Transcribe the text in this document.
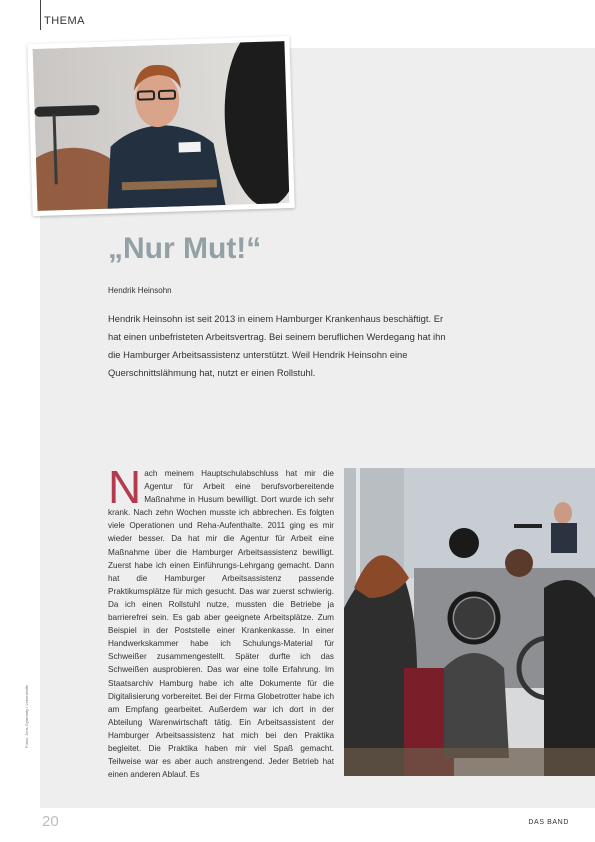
THEMA
„Nur Mut!“
Hendrik Heinsohn
Hendrik Heinsohn ist seit 2013 in einem Hamburger Krankenhaus beschäftigt. Er hat einen unbefristeten Arbeitsvertrag. Bei seinem beruflichen Werdegang hat ihn die Hamburger Arbeitsassistenz unterstützt. Weil Hendrik Heinsohn eine Querschnittslähmung hat, nutzt er einen Rollstuhl.
Nach meinem Hauptschulabschluss hat mir die Agentur für Arbeit eine berufsvorbereitende Maßnahme in Husum bewilligt. Dort wurde ich sehr krank. Nach zehn Wochen musste ich abbrechen. Es folgten viele Operationen und Reha-Aufenthalte. 2011 ging es mir wieder besser. Da hat mir die Agentur für Arbeit eine Maßnahme über die Hamburger Arbeitsassistenz bewilligt. Zuerst habe ich einen Einführungs-Lehrgang gemacht. Dann hat die Hamburger Arbeitsassistenz passende Praktikumsplätze für mich gesucht. Das war zuerst schwierig. Da ich einen Rollstuhl nutze, mussten die Betriebe ja barrierefrei sein. Es gab aber geeignete Arbeitsplätze. Zum Beispiel in der Poststelle einer Krankenkasse. In einer Handwerkskammer habe ich Schulungs-Material für Schweißer zusammengestellt. Später durfte ich das Schweißen ausprobieren. Das war eine tolle Erfahrung. Im Staatsarchiv Hamburg habe ich alte Dokumente für die Digitalisierung vorbereitet. Bei der Firma Globetrotter habe ich am Empfang gearbeitet. Außerdem war ich dort in der Abteilung Warenwirtschaft tätig. Ein Arbeitsassistent der Hamburger Arbeitsassistenz hat mich bei den Praktika begleitet. Die Praktika haben mir viel Spaß gemacht. Teilweise war es aber auch anstrengend. Jeder Betrieb hat einen anderen Ablauf. Es
Fotos: Jens Gyarmaty / Lebenshilfe
20	DAS BAND
